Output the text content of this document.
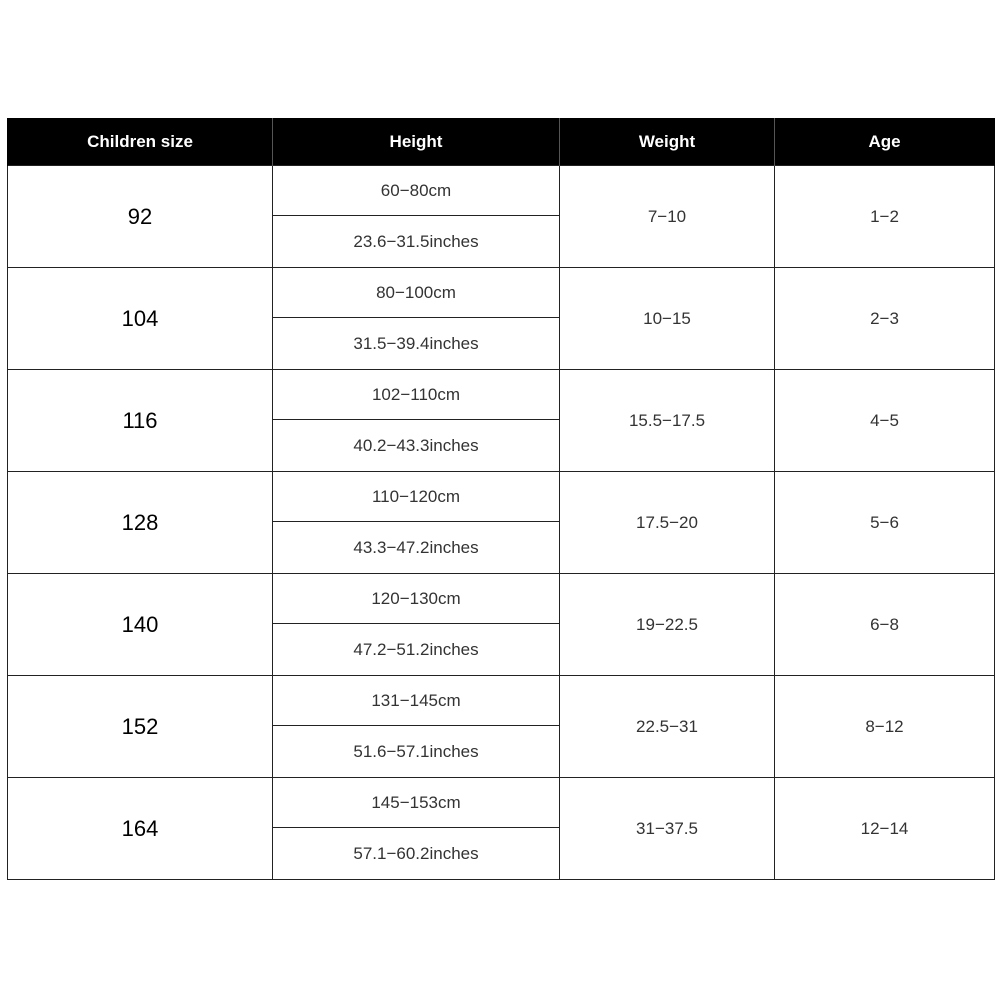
Children size	Height	Weight	Age
92	60−80cm	7−10	1−2
	23.6−31.5inches		
104	80−100cm	10−15	2−3
	31.5−39.4inches		
116	102−110cm	15.5−17.5	4−5
	40.2−43.3inches		
128	110−120cm	17.5−20	5−6
	43.3−47.2inches		
140	120−130cm	19−22.5	6−8
	47.2−51.2inches		
152	131−145cm	22.5−31	8−12
	51.6−57.1inches		
164	145−153cm	31−37.5	12−14
	57.1−60.2inches		
